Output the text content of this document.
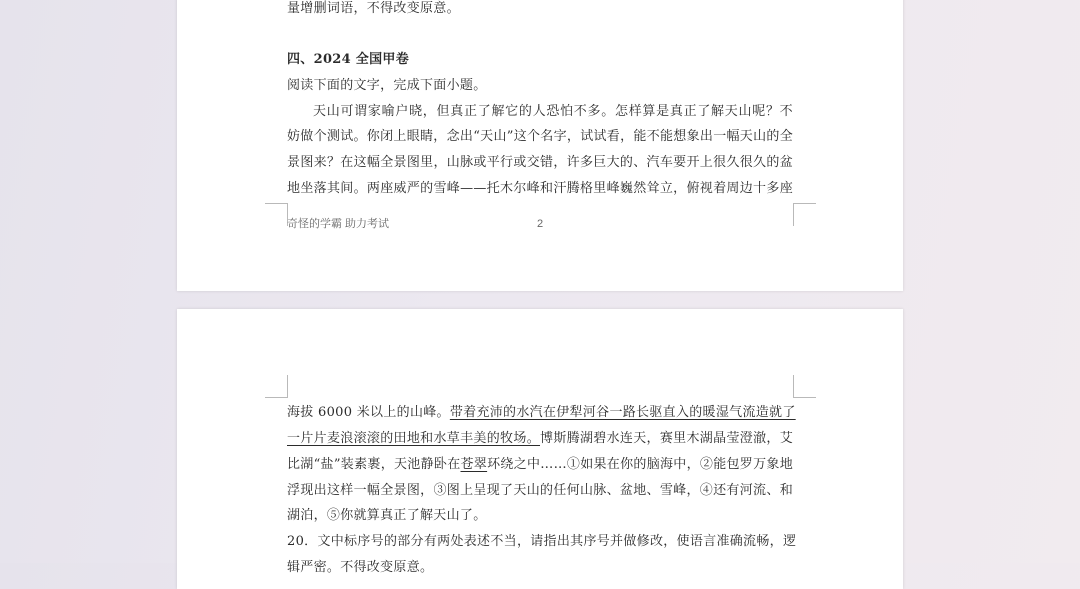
量增删词语，不得改变原意。
四、2024 全国甲卷
阅读下面的文字，完成下面小题。
天山可谓家喻户晓，但真正了解它的人恐怕不多。怎样算是真正了解天山呢？不
妨做个测试。你闭上眼睛，念出“天山”这个名字，试试看，能不能想象出一幅天山的全
景图来？在这幅全景图里，山脉或平行或交错，许多巨大的、汽车要开上很久很久的盆
地坐落其间。两座威严的雪峰——托木尔峰和汗腾格里峰巍然耸立，俯视着周边十多座
奇怪的学霸 助力考试	2
海拔 6000 米以上的山峰。带着充沛的水汽在伊犁河谷一路长驱直入的暖湿气流造就了
一片片麦浪滚滚的田地和水草丰美的牧场。博斯腾湖碧水连天，赛里木湖晶莹澄澈，艾
比湖“盐”装素裹，天池静卧在苍翠环绕之中……①如果在你的脑海中，②能包罗万象地
浮现出这样一幅全景图，③图上呈现了天山的任何山脉、盆地、雪峰，④还有河流、和
湖泊，⑤你就算真正了解天山了。
20．文中标序号的部分有两处表述不当，请指出其序号并做修改，使语言准确流畅，逻
辑严密。不得改变原意。
